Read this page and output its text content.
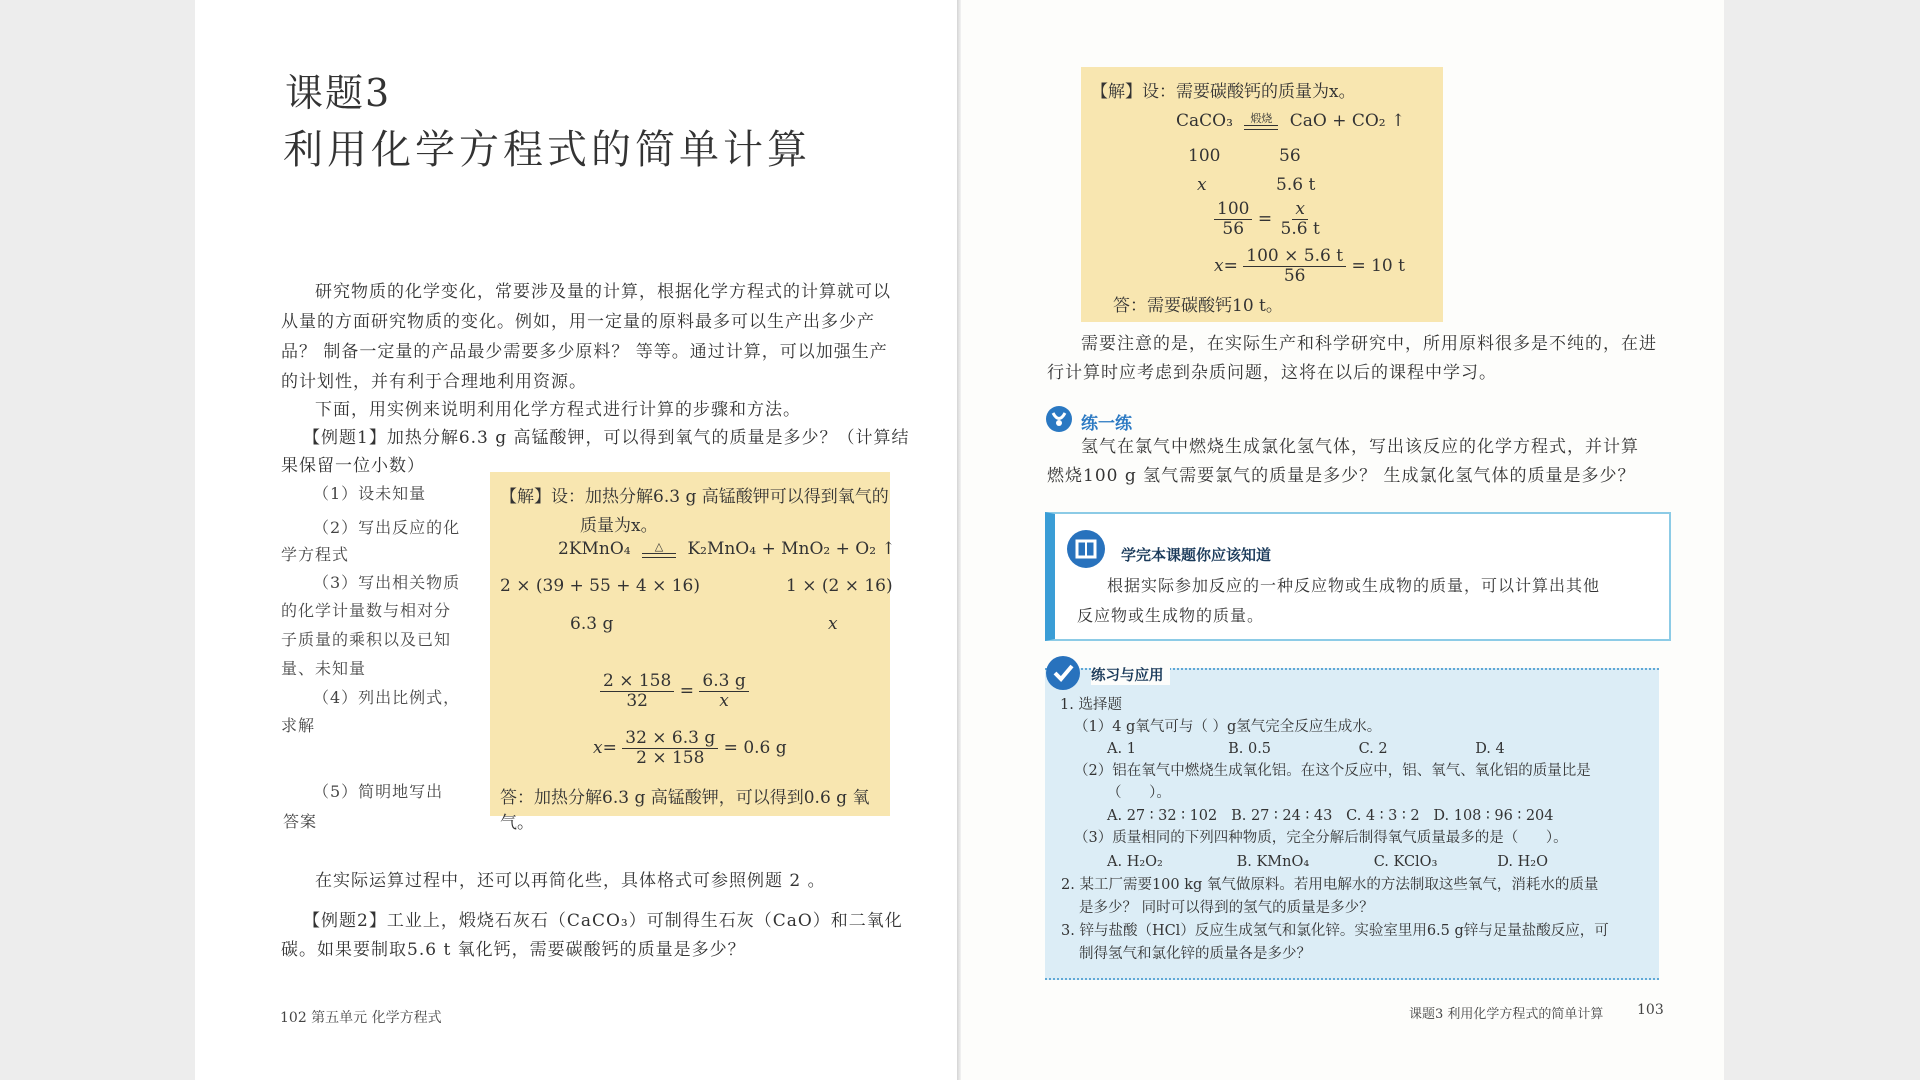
课题3
利用化学方程式的简单计算
研究物质的化学变化，常要涉及量的计算，根据化学方程式的计算就可以
从量的方面研究物质的变化。例如，用一定量的原料最多可以生产出多少产
品？ 制备一定量的产品最少需要多少原料？ 等等。通过计算，可以加强生产
的计划性，并有利于合理地利用资源。
下面，用实例来说明利用化学方程式进行计算的步骤和方法。
【例题1】加热分解6.3 g 高锰酸钾，可以得到氧气的质量是多少？（计算结
果保留一位小数）
（1）设未知量
（2）写出反应的化
学方程式
（3）写出相关物质
的化学计量数与相对分
子质量的乘积以及已知
量、未知量
（4）列出比例式，
求解
（5）简明地写出
答案
【解】设：加热分解6.3 g 高锰酸钾可以得到氧气的
质量为x。
2KMnO₄ △ K₂MnO₄ + MnO₂ + O₂ ↑
2 × (39 + 55 + 4 × 16)	1 × (2 × 16)
6.3 g	x
$\frac{2 \times 158}{32} = \frac{6.3 g}{x}$
$x= \frac{32 \times 6.3 g}{2 \times 158} = 0.6$ g
答：加热分解6.3 g 高锰酸钾，可以得到0.6 g 氧气。
在实际运算过程中，还可以再简化些，具体格式可参照例题 2 。
【例题2】工业上，煅烧石灰石（CaCO₃）可制得生石灰（CaO）和二氧化
碳。如果要制取5.6 t 氧化钙，需要碳酸钙的质量是多少？
102 第五单元 化学方程式
【解】设：需要碳酸钙的质量为x。
CaCO₃ 煅烧 CaO + CO₂ ↑
100	56
x	5.6 t
$\frac{100}{56} = \frac{x}{5.6 t}$
$x= \frac{100 \times 5.6 t}{56} = 10$ t
答：需要碳酸钙10 t。
需要注意的是，在实际生产和科学研究中，所用原料很多是不纯的，在进
行计算时应考虑到杂质问题，这将在以后的课程中学习。
练一练
氢气在氯气中燃烧生成氯化氢气体，写出该反应的化学方程式，并计算
燃烧100 g 氢气需要氯气的质量是多少？ 生成氯化氢气体的质量是多少？
学完本课题你应该知道
根据实际参加反应的一种反应物或生成物的质量，可以计算出其他
反应物或生成物的质量。
练习与应用
1. 选择题
（1）4 g氧气可与（ ）g氢气完全反应生成水。
A. 1                    B. 0.5                   C. 2                   D. 4
（2）铝在氧气中燃烧生成氧化铝。在这个反应中，铝、氧气、氧化铝的质量比是
（      ）。
A. 27 ∶ 32 ∶ 102   B. 27 ∶ 24 ∶ 43   C. 4 ∶ 3 ∶ 2   D. 108 ∶ 96 ∶ 204
（3）质量相同的下列四种物质，完全分解后制得氧气质量最多的是（      ）。
A. H₂O₂                B. KMnO₄              C. KClO₃             D. H₂O
2. 某工厂需要100 kg 氧气做原料。若用电解水的方法制取这些氧气，消耗水的质量
是多少？ 同时可以得到的氢气的质量是多少？
3. 锌与盐酸（HCl）反应生成氢气和氯化锌。实验室里用6.5 g锌与足量盐酸反应，可
制得氢气和氯化锌的质量各是多少？
课题3 利用化学方程式的简单计算 103
